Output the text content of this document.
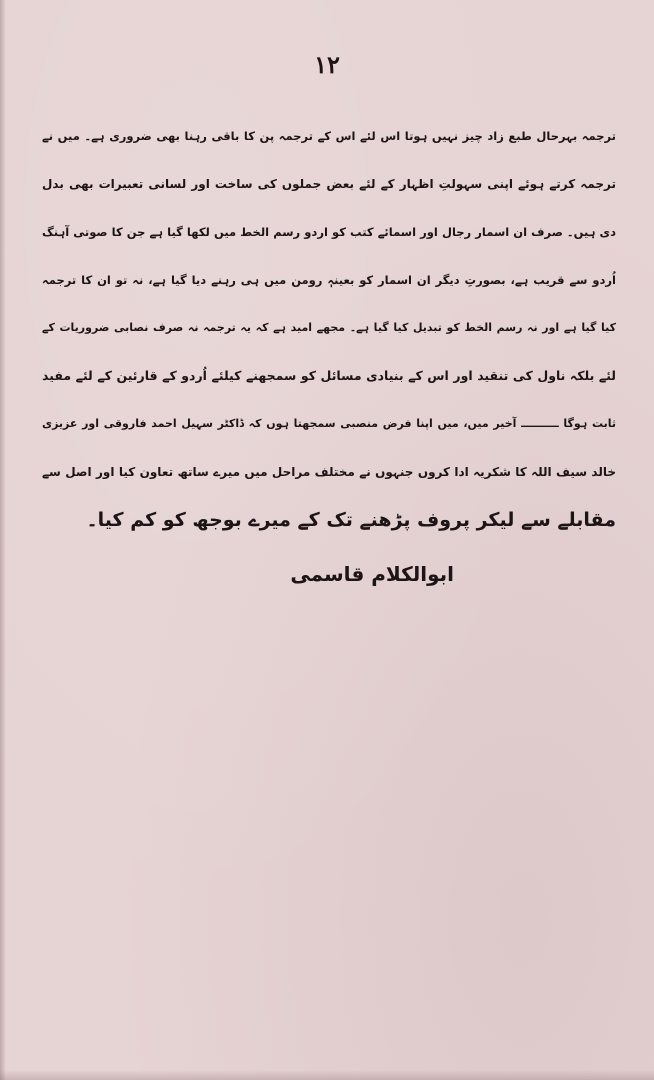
۱۲
ترجمہ بہرحال طبع زاد چیز نہیں ہوتا اس لئے اس کے ترجمہ پن کا باقی رہنا بھی ضروری ہے۔ میں نے
ترجمہ کرتے ہوئے اپنی سہولتِ اظہار کے لئے بعض جملوں کی ساخت اور لسانی تعبیرات بھی بدل
دی ہیں۔ صرف ان اسمار رجال اور اسمائے کتب کو اردو رسم الخط میں لکھا گیا ہے جن کا صوتی آہنگ
اُردو سے قریب ہے، بصورتِ دیگر ان اسمار کو بعینہٖ رومن میں ہی رہنے دیا گیا ہے، نہ تو ان کا ترجمہ
کیا گیا ہے اور نہ رسم الخط کو تبدیل کیا گیا ہے۔ مجھے امید ہے کہ یہ ترجمہ نہ صرف نصابی ضروریات کے
لئے بلکہ ناول کی تنقید اور اس کے بنیادی مسائل کو سمجھنے کیلئے اُردو کے قارئین کے لئے مفید
ثابت ہوگا ــــــــــ آخیر میں، میں اپنا فرض منصبی سمجھتا ہوں کہ ڈاکٹر سہیل احمد فاروقی اور عزیزی
خالد سیف اللہ کا شکریہ ادا کروں جنہوں نے مختلف مراحل میں میرے ساتھ تعاون کیا اور اصل سے
مقابلے سے لیکر پروف پڑھنے تک کے میرے بوجھ کو کم کیا۔
ابوالکلام قاسمی
